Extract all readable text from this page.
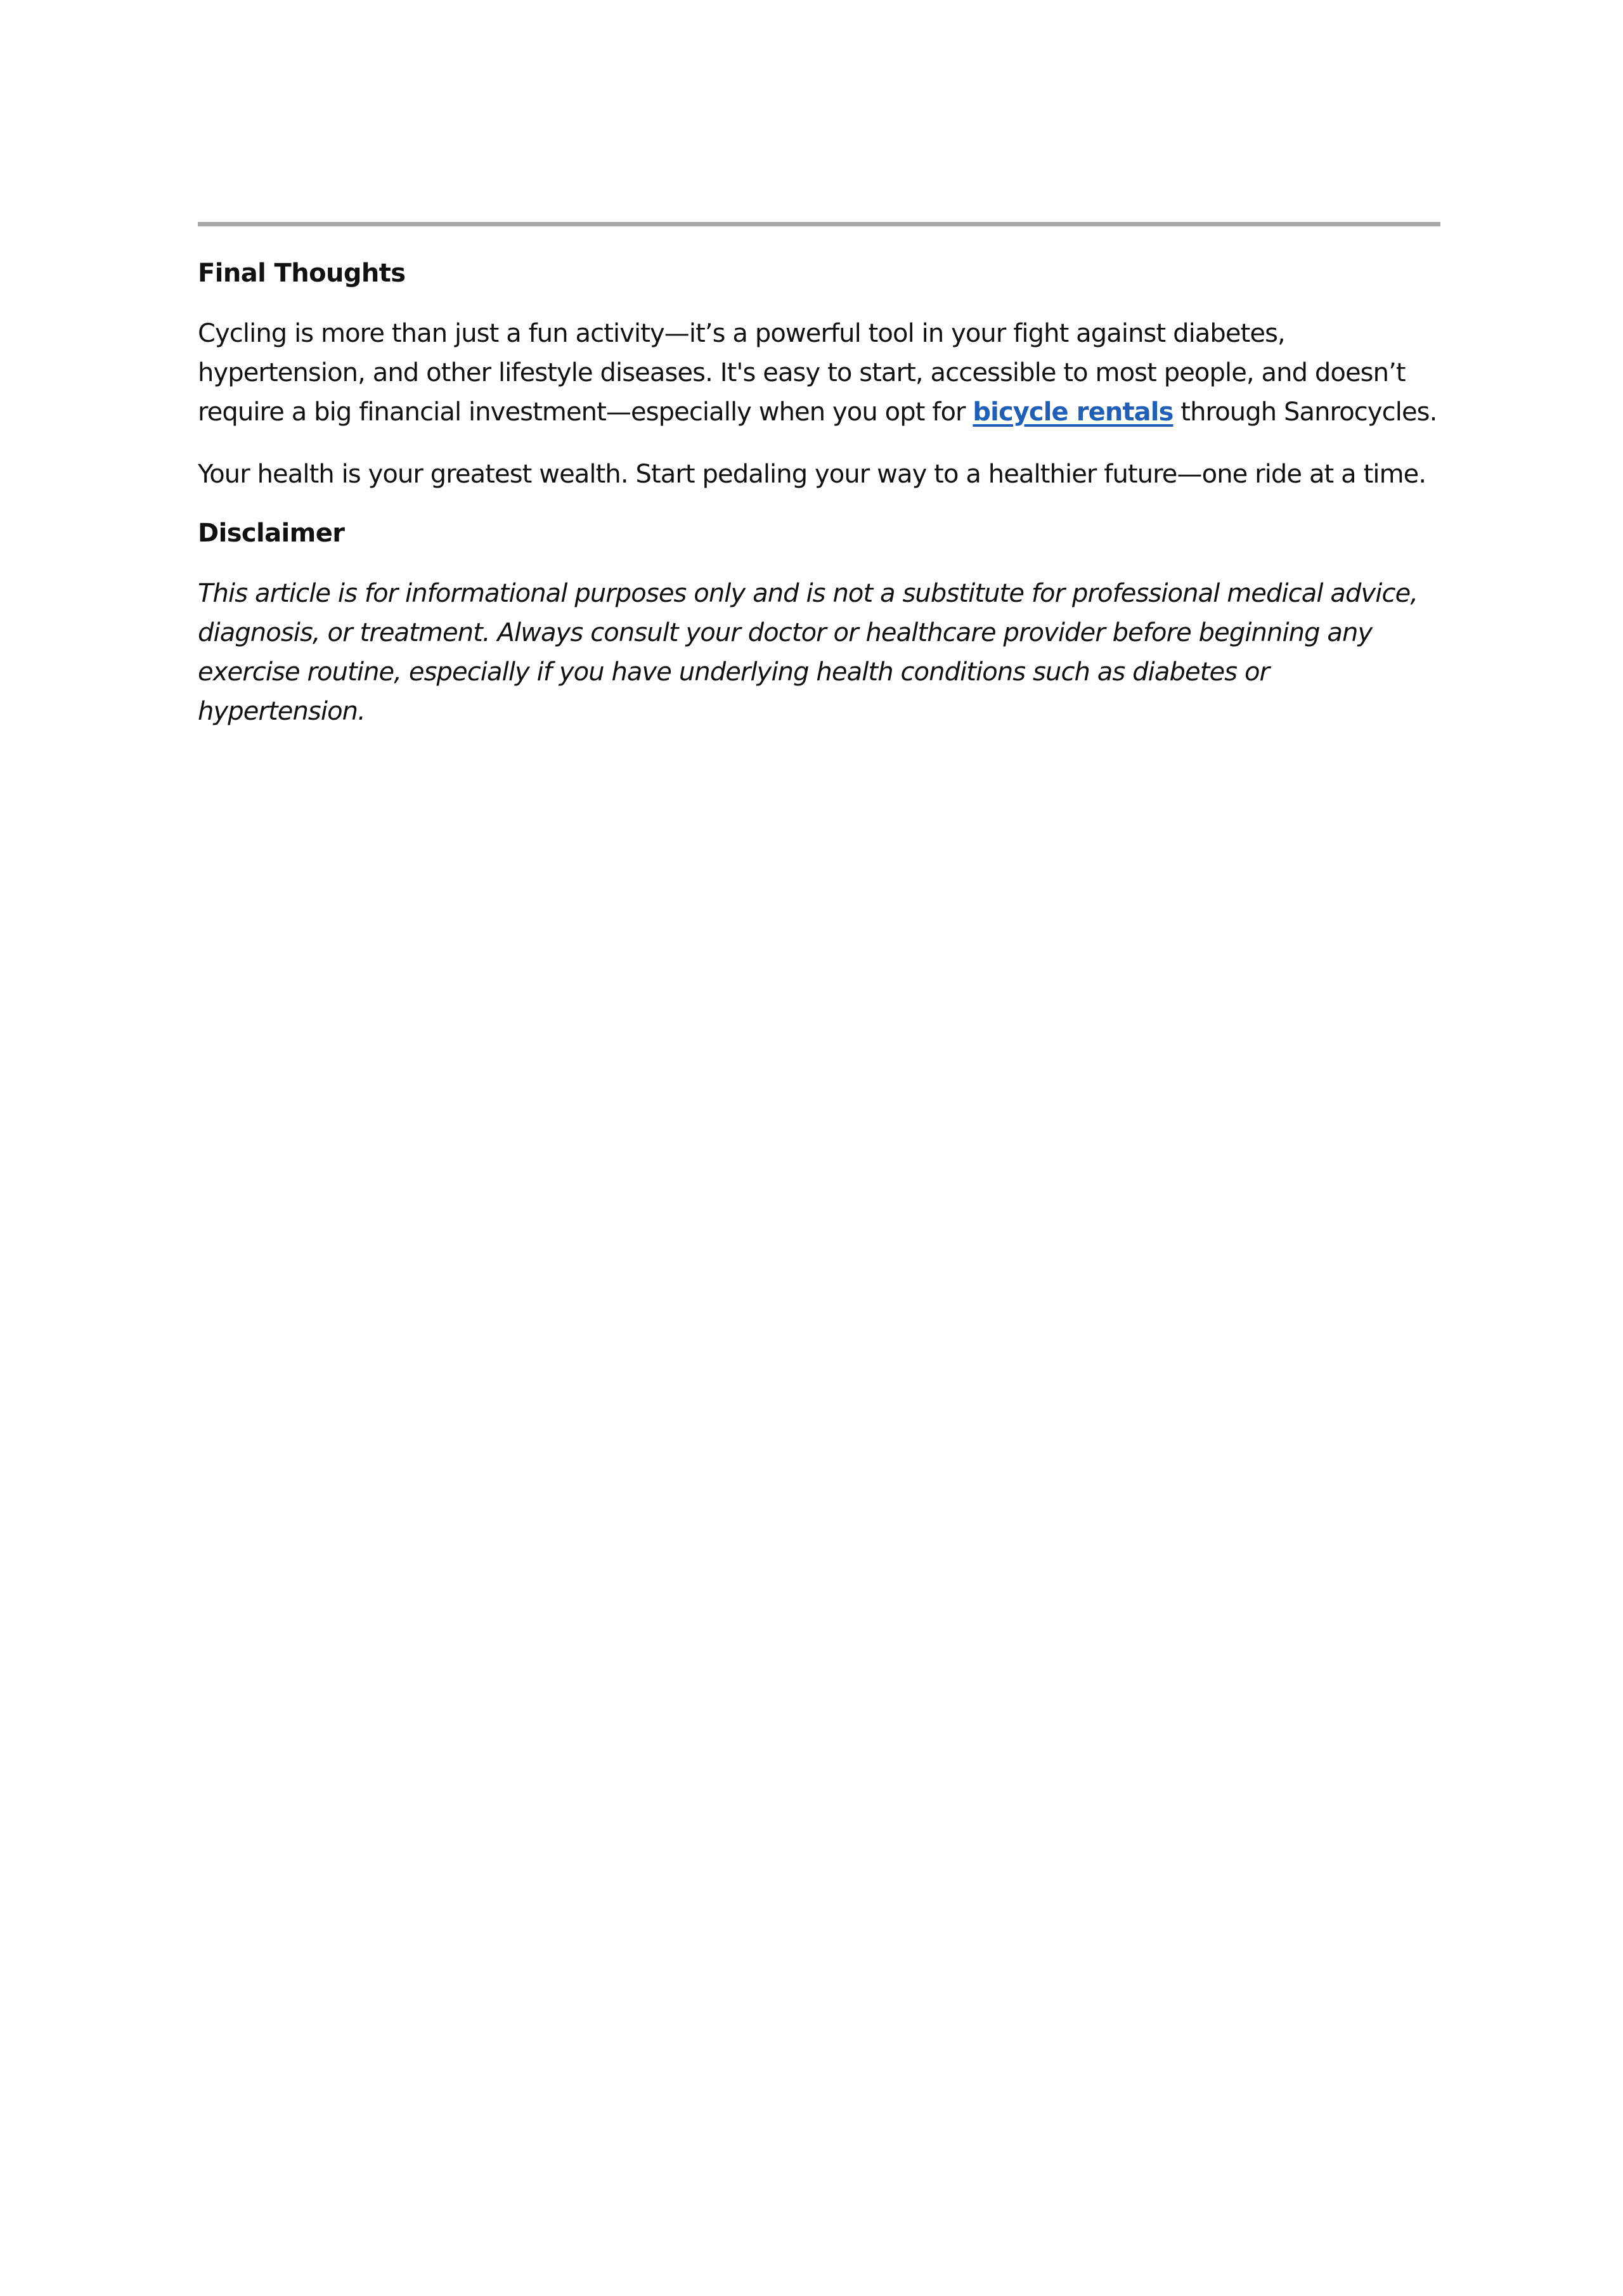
Final Thoughts

Cycling is more than just a fun activity—it’s a powerful tool in your fight against diabetes, hypertension, and other lifestyle diseases. It's easy to start, accessible to most people, and doesn’t require a big financial investment—especially when you opt for bicycle rentals through Sanrocycles.

Your health is your greatest wealth. Start pedaling your way to a healthier future—one ride at a time.

Disclaimer

This article is for informational purposes only and is not a substitute for professional medical advice, diagnosis, or treatment. Always consult your doctor or healthcare provider before beginning any exercise routine, especially if you have underlying health conditions such as diabetes or hypertension.
